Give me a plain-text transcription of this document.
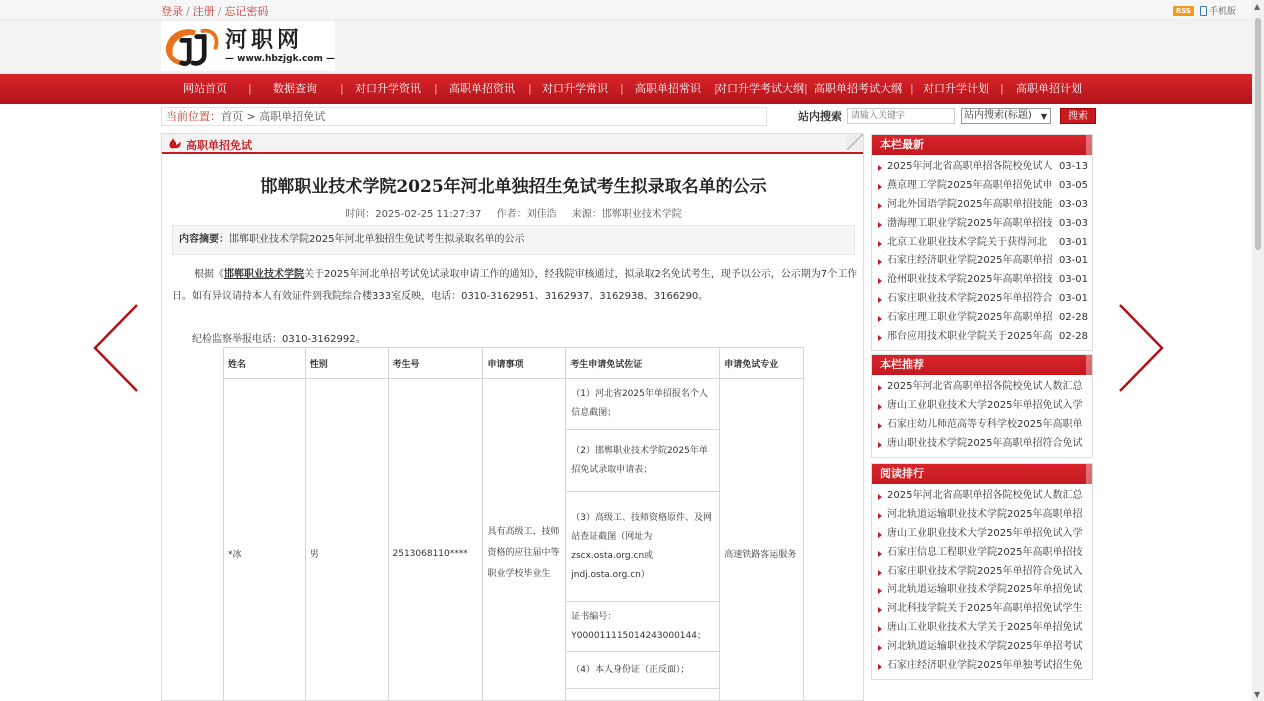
登录 / 注册 / 忘记密码	RSS	手机版
河职网
— www.hbzjgk.com —
网站首页	| 数据查询	| 对口升学资讯	| 高职单招资讯	| 对口升学常识	| 高职单招常识	| 对口升学考试大纲 | 高职单招考试大纲	| 对口升学计划	| 高职单招计划
当前位置：首页 > 高职单招免试	站内搜索
请输入关键字	站内搜索(标题) ▼	搜索
高职单招免试
邯郸职业技术学院2025年河北单独招生免试考生拟录取名单的公示
时间：2025-02-25 11:27:37 作者：刘佳浩 来源：邯郸职业技术学院
内容摘要：邯郸职业技术学院2025年河北单独招生免试考生拟录取名单的公示

根据《邯郸职业技术学院关于2025年河北单招考试免试录取申请工作的通知》，经我院审核通过，拟录取2名免试考生，现予以公示，公示期为7个工作日。如有异议请持本人有效证件到我院综合楼333室反映，电话：0310-3162951、3162937、3162938、3166290。

纪检监察举报电话：0310-3162992。

姓名	性别	考生号	申请事项	考生申请免试佐证	申请免试专业
*冰	男	2513068110****	具有高级工、技师资格的应往届中等职业学校毕业生	（1）河北省2025年单招报名个人信息截图；	高速铁路客运服务
				（2）邯郸职业技术学院2025年单招免试录取申请表；	
				（3）高级工、技师资格原件、及网站查证截图（网址为zscx.osta.org.cn或jndj.osta.org.cn）	
				证书编号：Y000011115014243000144；	
				（4）本人身份证（正反面）；	

本栏最新
2025年河北省高职单招各院校免试人 03-13
燕京理工学院2025年高职单招免试申 03-05
河北外国语学院2025年高职单招技能 03-03
渤海理工职业学院2025年高职单招技 03-03
北京工业职业技术学院关于获得河北	03-01
石家庄经济职业学院2025年高职单招 03-01
沧州职业技术学院2025年高职单招技 03-01
石家庄职业技术学院2025年单招符合 03-01
石家庄理工职业学院2025年高职单招 02-28
邢台应用技术职业学院关于2025年高 02-28
本栏推荐
2025年河北省高职单招各院校免试人数汇总
唐山工业职业技术大学2025年单招免试入学
石家庄幼儿师范高等专科学校2025年高职单
唐山职业技术学院2025年高职单招符合免试
阅读排行
2025年河北省高职单招各院校免试人数汇总
河北轨道运输职业技术学院2025年高职单招
唐山工业职业技术大学2025年单招免试入学
石家庄信息工程职业学院2025年高职单招技
石家庄职业技术学院2025年单招符合免试入
河北轨道运输职业技术学院2025年单招免试
河北科技学院关于2025年高职单招免试学生
唐山工业职业技术大学关于2025年单招免试
河北轨道运输职业技术学院2025年单招考试
石家庄经济职业学院2025年单独考试招生免
▲
▼
